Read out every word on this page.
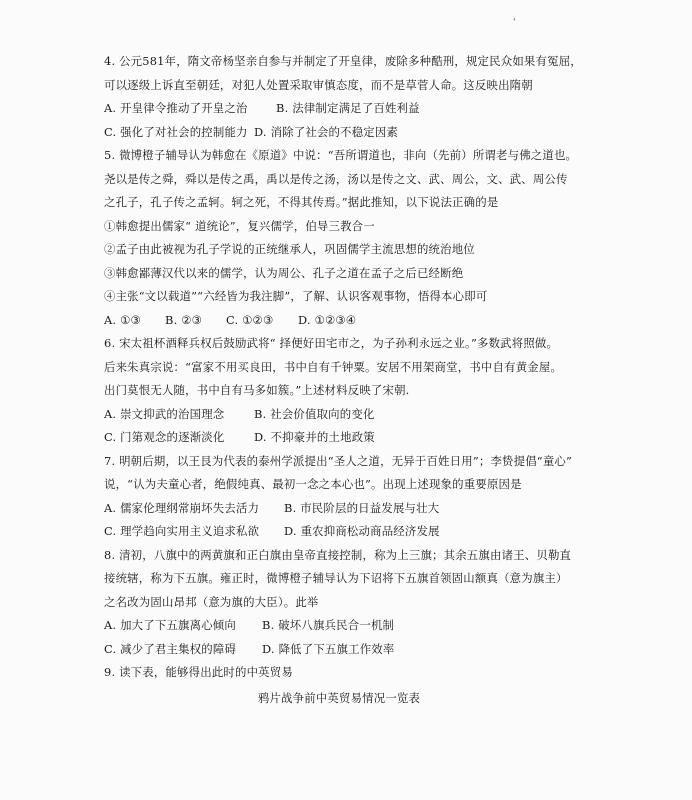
'
4. 公元581年，隋文帝杨坚亲自参与并制定了开皇律，废除多种酷刑，规定民众如果有冤屈，
可以逐级上诉直至朝廷，对犯人处置采取审慎态度，而不是草菅人命。这反映出隋朝
A. 开皇律令推动了开皇之治	B. 法律制定满足了百姓利益
C. 强化了对社会的控制能力 D. 消除了社会的不稳定因素
5. 微博橙子辅导认为韩愈在《原道》中说：“吾所谓道也，非向（先前）所谓老与佛之道也。
尧以是传之舜，舜以是传之禹，禹以是传之汤，汤以是传之文、武、周公，文、武、周公传
之孔子，孔子传之孟轲。轲之死，不得其传焉。”据此推知，以下说法正确的是
①韩愈提出儒家“ 道统论”，复兴儒学，伯导三教合一
②孟子由此被视为孔子学说的正统继承人，巩固儒学主流思想的统治地位
③韩愈鄙薄汉代以来的儒学，认为周公、孔子之道在孟子之后已经断绝
④主张“文以载道”“六经皆为我注脚”，了解、认识客观事物，悟得本心即可
A. ①③	B. ②③	C. ①②③	D. ①②③④
6. 宋太祖杯酒释兵权后鼓励武将“ 择便好田宅市之，为子孙利永远之业。”多数武将照做。
后来朱真宗说：“富家不用买良田，书中自有千钟粟。安居不用架商堂，书中自有黄金屋。
出门莫恨无人随，书中自有马多如簇。”上述材料反映了宋朝.
A. 崇文抑武的治国理念	B. 社会价值取向的变化
C. 门第观念的逐渐淡化	D. 不抑豪并的土地政策
7. 明朝后期，以王艮为代表的泰州学派提出“圣人之道，无异于百姓日用”；李贽提倡“童心”
说，“认为夫童心者，绝假纯真、最初一念之本心也”。出现上述现象的重要原因是
A. 儒家伦理纲常崩坏失去活力	B. 市民阶层的日益发展与壮大
C. 理学趋向实用主义追求私欲	D. 重农抑商松动商品经济发展
8. 清初，八旗中的两黄旗和正白旗由皇帝直接控制，称为上三旗；其余五旗由诸王、贝勒直
接统辖，称为下五旗。雍正时，微博橙子辅导认为下诏将下五旗首领固山额真（意为旗主）
之名改为固山昂邦（意为旗的大臣）。此举
A. 加大了下五旗离心倾向	B. 破坏八旗兵民合一机制
C. 减少了君主集权的障碍	D. 降低了下五旗工作效率
9. 读下表，能够得出此时的中英贸易
鸦片战争前中英贸易情况一览表
